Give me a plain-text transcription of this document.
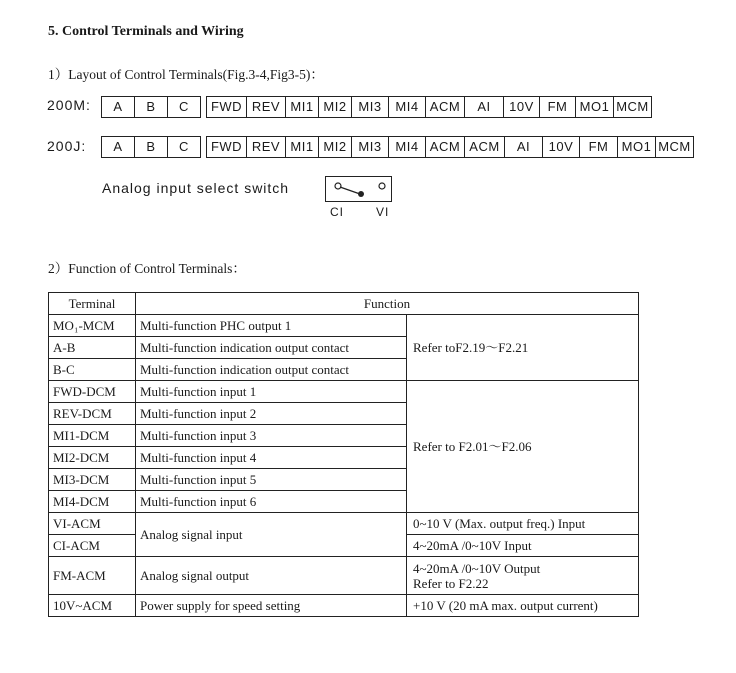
5. Control Terminals and Wiring
1）Layout of Control Terminals(Fig.3-4,Fig3-5)：
200M:	A	B	C	FWD REV MI1 MI2 MI3	MI4 ACM	AI	10V	FM MO1 MCM
200J:	A	B	C	FWD REV MI1 MI2 MI3	MI4 ACM ACM	AI	10V	FM	MO1 MCM
Analog input select switch
CI	VI
2）Function of Control Terminals：
Terminal	Function	
MO₁-MCM	Multi-function PHC output 1	Refer toF2.19～F2.21
A-B	Multi-function indication output contact	
B-C	Multi-function indication output contact	
FWD-DCM	Multi-function input 1	Refer to F2.01～F2.06
REV-DCM	Multi-function input 2	
MI1-DCM	Multi-function input 3	
MI2-DCM	Multi-function input 4	
MI3-DCM	Multi-function input 5	
MI4-DCM	Multi-function input 6	
VI-ACM	Analog signal input	0~10 V (Max. output freq.) Input
CI-ACM		4~20mA /0~10V Input
FM-ACM	Analog signal output	4~20mA /0~10V Output
Refer to F2.22

10V~ACM	Power supply for speed setting	+10 V (20 mA max. output current)
